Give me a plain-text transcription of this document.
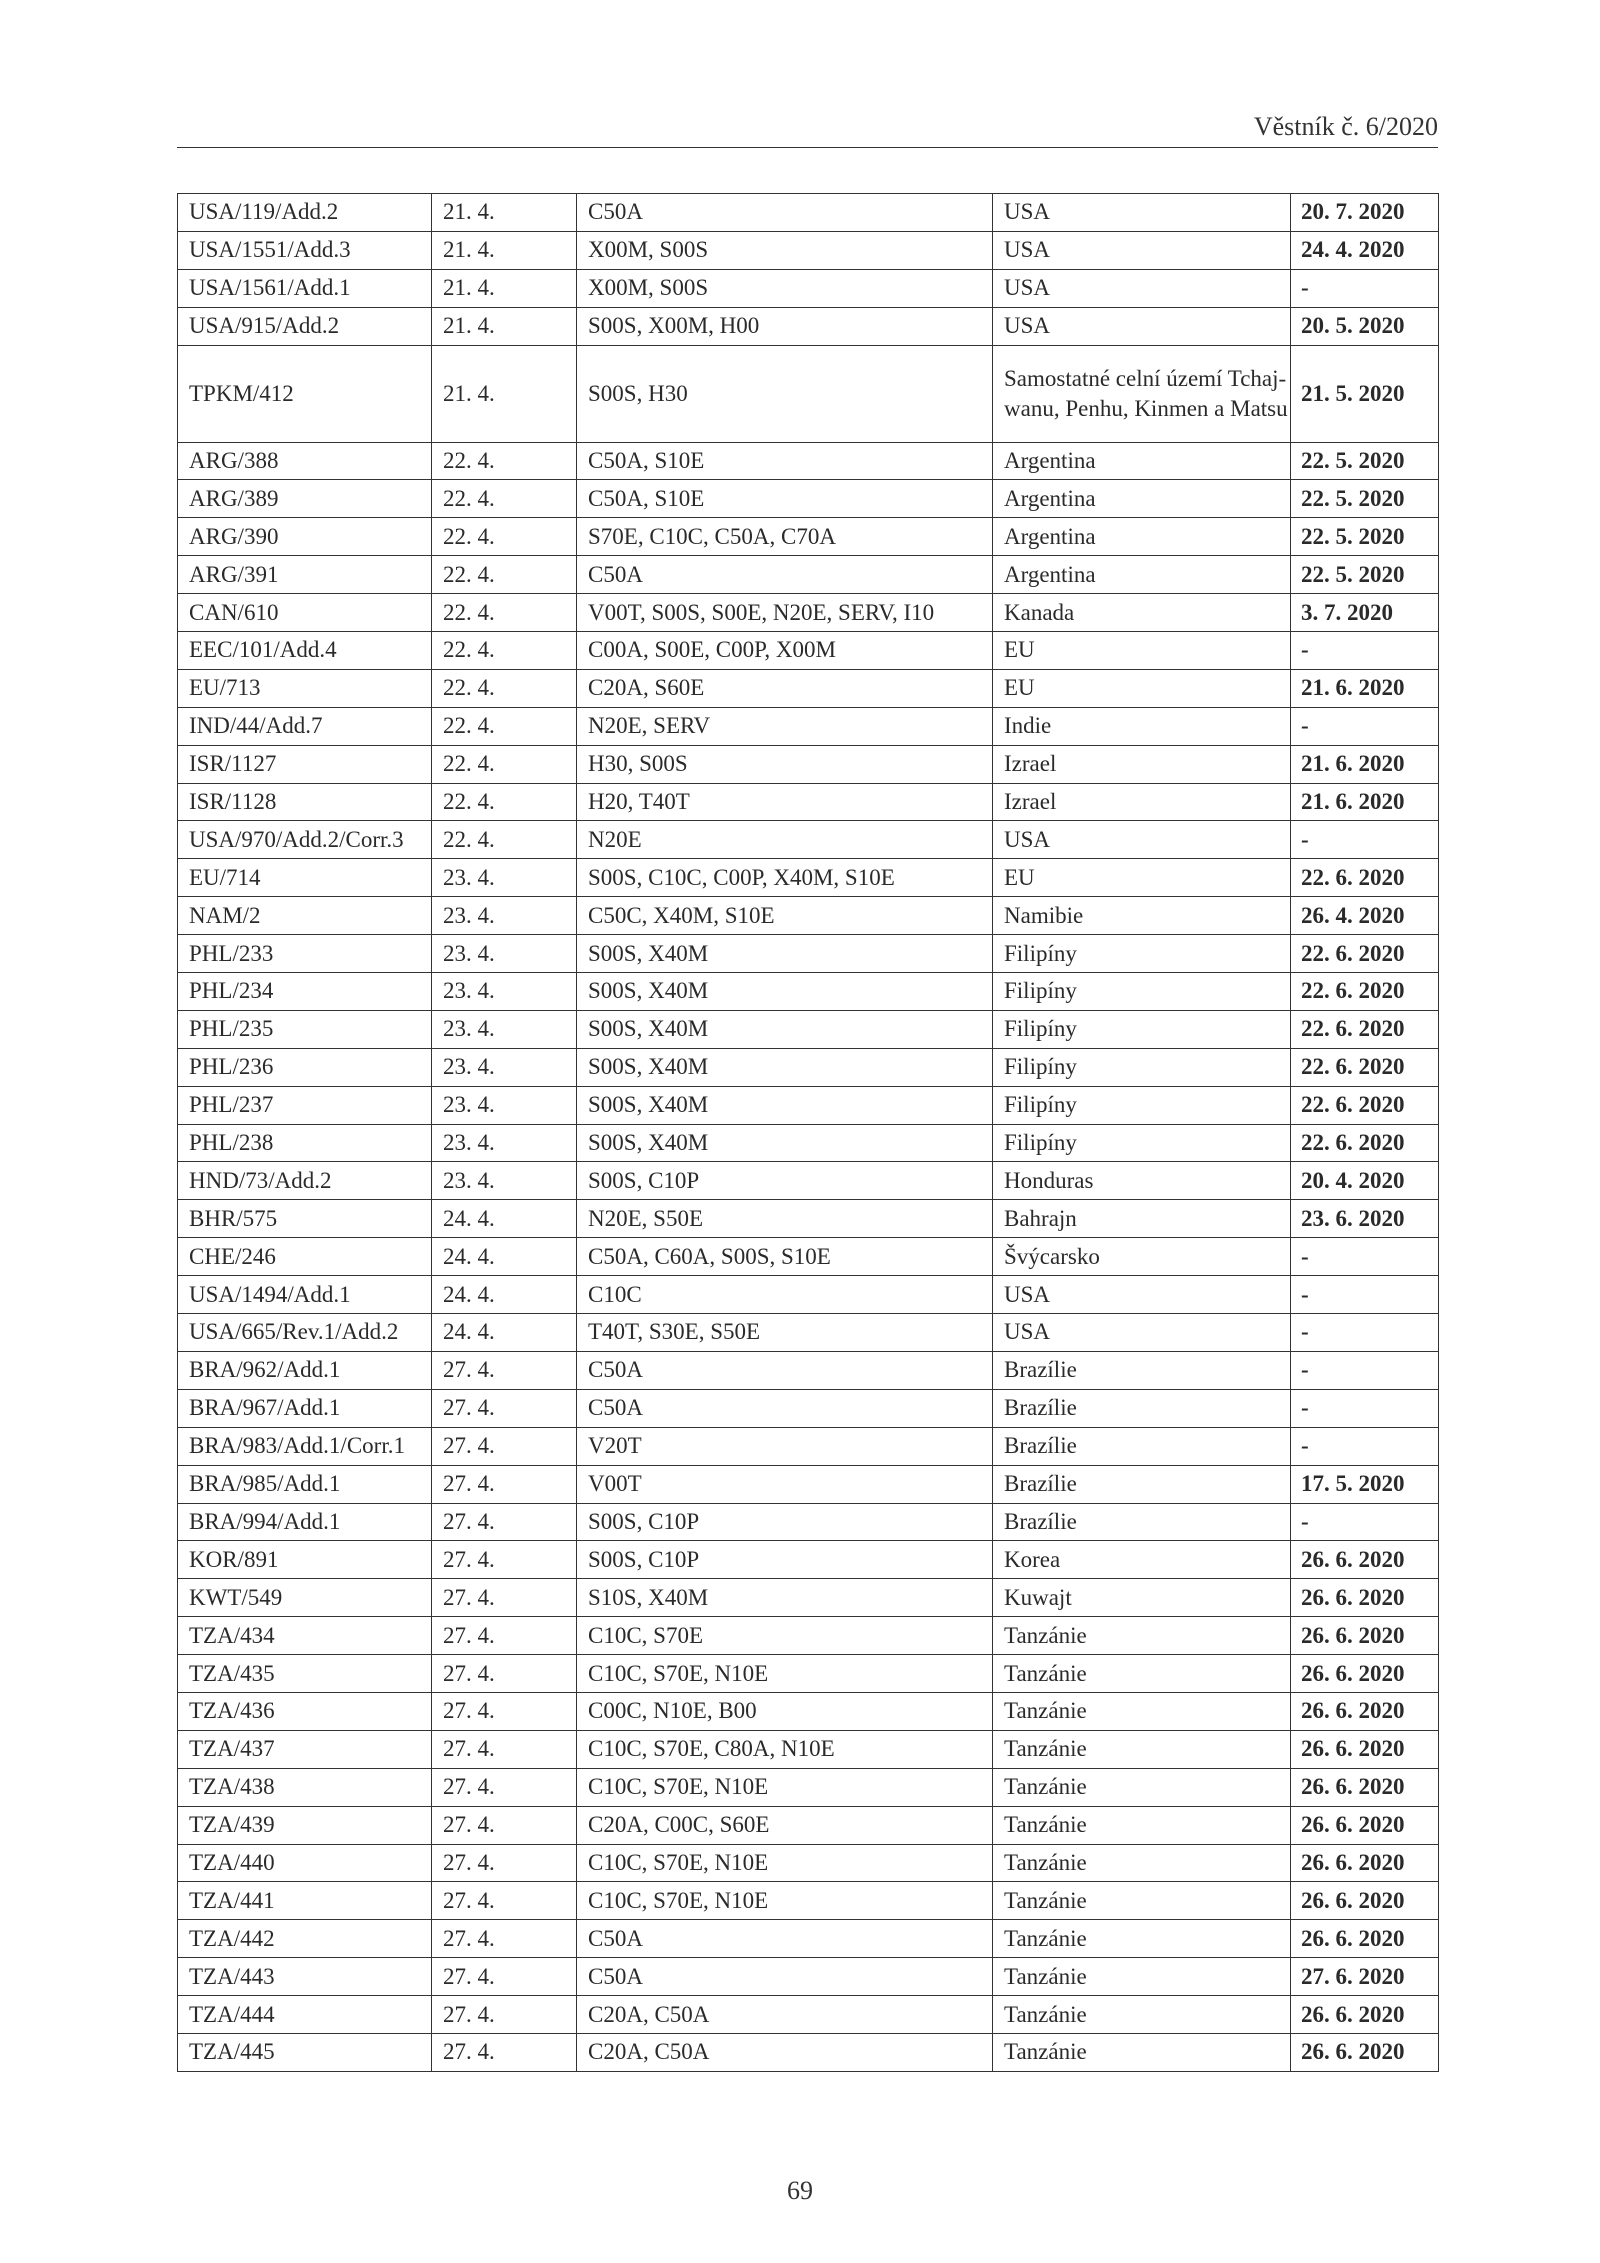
Věstník č. 6/2020
USA/119/Add.2	21. 4.	C50A	USA	20. 7. 2020
USA/1551/Add.3	21. 4.	X00M, S00S	USA	24. 4. 2020
USA/1561/Add.1	21. 4.	X00M, S00S	USA	-
USA/915/Add.2	21. 4.	S00S, X00M, H00	USA	20. 5. 2020
TPKM/412	21. 4.	S00S, H30	Samostatné celní území Tchaj-wanu, Penhu, Kinmen a Matsu	21. 5. 2020
ARG/388	22. 4.	C50A, S10E	Argentina	22. 5. 2020
ARG/389	22. 4.	C50A, S10E	Argentina	22. 5. 2020
ARG/390	22. 4.	S70E, C10C, C50A, C70A	Argentina	22. 5. 2020
ARG/391	22. 4.	C50A	Argentina	22. 5. 2020
CAN/610	22. 4.	V00T, S00S, S00E, N20E, SERV, I10	Kanada	3. 7. 2020
EEC/101/Add.4	22. 4.	C00A, S00E, C00P, X00M	EU	-
EU/713	22. 4.	C20A, S60E	EU	21. 6. 2020
IND/44/Add.7	22. 4.	N20E, SERV	Indie	-
ISR/1127	22. 4.	H30, S00S	Izrael	21. 6. 2020
ISR/1128	22. 4.	H20, T40T	Izrael	21. 6. 2020
USA/970/Add.2/Corr.3	22. 4.	N20E	USA	-
EU/714	23. 4.	S00S, C10C, C00P, X40M, S10E	EU	22. 6. 2020
NAM/2	23. 4.	C50C, X40M, S10E	Namibie	26. 4. 2020
PHL/233	23. 4.	S00S, X40M	Filipíny	22. 6. 2020
PHL/234	23. 4.	S00S, X40M	Filipíny	22. 6. 2020
PHL/235	23. 4.	S00S, X40M	Filipíny	22. 6. 2020
PHL/236	23. 4.	S00S, X40M	Filipíny	22. 6. 2020
PHL/237	23. 4.	S00S, X40M	Filipíny	22. 6. 2020
PHL/238	23. 4.	S00S, X40M	Filipíny	22. 6. 2020
HND/73/Add.2	23. 4.	S00S, C10P	Honduras	20. 4. 2020
BHR/575	24. 4.	N20E, S50E	Bahrajn	23. 6. 2020
CHE/246	24. 4.	C50A, C60A, S00S, S10E	Švýcarsko	-
USA/1494/Add.1	24. 4.	C10C	USA	-
USA/665/Rev.1/Add.2	24. 4.	T40T, S30E, S50E	USA	-
BRA/962/Add.1	27. 4.	C50A	Brazílie	-
BRA/967/Add.1	27. 4.	C50A	Brazílie	-
BRA/983/Add.1/Corr.1	27. 4.	V20T	Brazílie	-
BRA/985/Add.1	27. 4.	V00T	Brazílie	17. 5. 2020
BRA/994/Add.1	27. 4.	S00S, C10P	Brazílie	-
KOR/891	27. 4.	S00S, C10P	Korea	26. 6. 2020
KWT/549	27. 4.	S10S, X40M	Kuwajt	26. 6. 2020
TZA/434	27. 4.	C10C, S70E	Tanzánie	26. 6. 2020
TZA/435	27. 4.	C10C, S70E, N10E	Tanzánie	26. 6. 2020
TZA/436	27. 4.	C00C, N10E, B00	Tanzánie	26. 6. 2020
TZA/437	27. 4.	C10C, S70E, C80A, N10E	Tanzánie	26. 6. 2020
TZA/438	27. 4.	C10C, S70E, N10E	Tanzánie	26. 6. 2020
TZA/439	27. 4.	C20A, C00C, S60E	Tanzánie	26. 6. 2020
TZA/440	27. 4.	C10C, S70E, N10E	Tanzánie	26. 6. 2020
TZA/441	27. 4.	C10C, S70E, N10E	Tanzánie	26. 6. 2020
TZA/442	27. 4.	C50A	Tanzánie	26. 6. 2020
TZA/443	27. 4.	C50A	Tanzánie	27. 6. 2020
TZA/444	27. 4.	C20A, C50A	Tanzánie	26. 6. 2020
TZA/445	27. 4.	C20A, C50A	Tanzánie	26. 6. 2020
69
